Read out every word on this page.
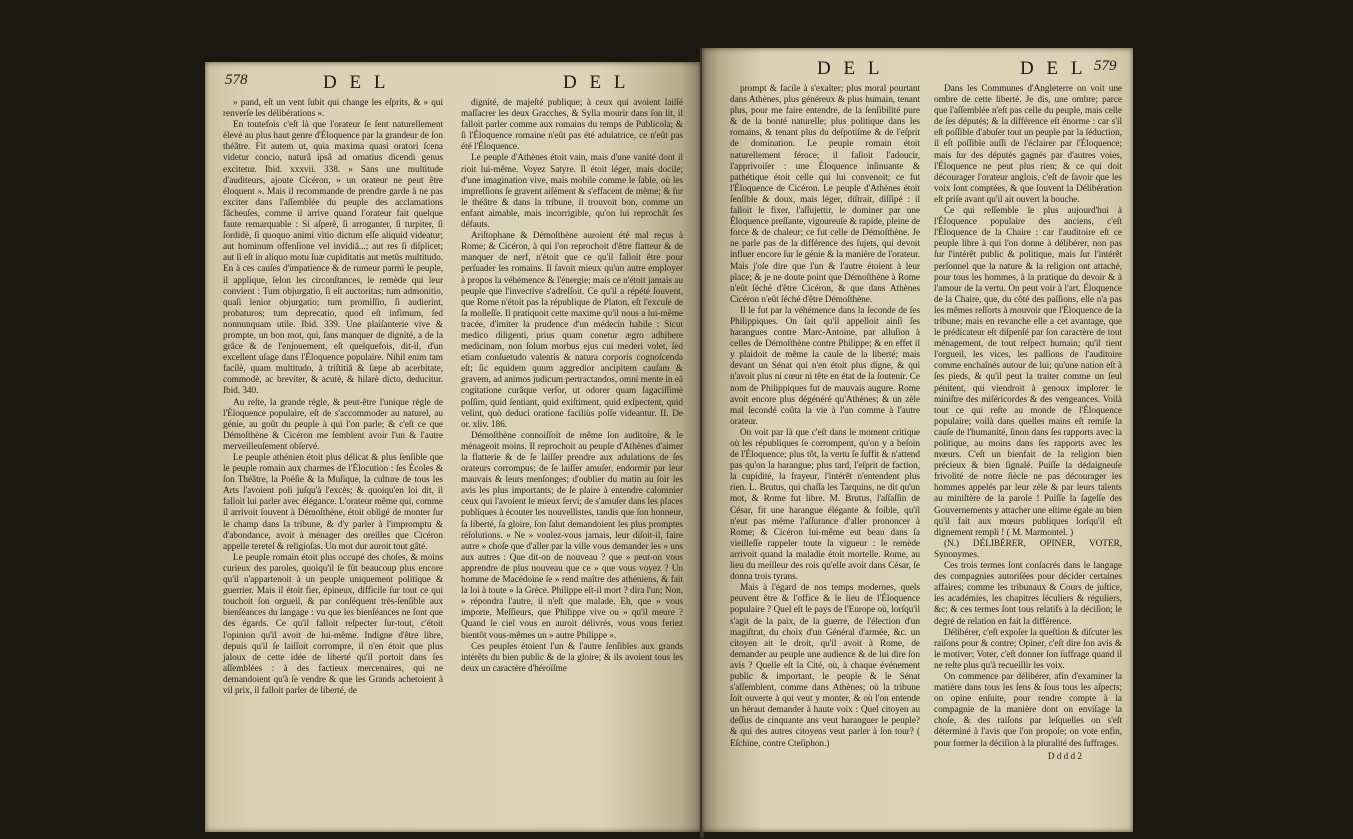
578	D E L	D E L

» pand, eſt un vent ſubit qui change les eſprits, & » qui renverſe les délibérations ».

En toutefois c'eſt là que l'orateur ſe ſent naturellement élevé au plus haut genre d'Éloquence par la grandeur de ſon théâtre. Fit autem ut, quia maxima quasi oratori ſcena videtur concio, naturâ ipsâ ad ornatius dicendi genus excitetur. Ibid. xxxvii. 338. » Sans une multitude d'auditeurs, ajoute Cicéron, » un orateur ne peut être éloquent ». Mais il recommande de prendre garde à ne pas exciter dans l'aſſemblée du peuple des acclamations fâcheuſes, comme il arrive quand l'orateur fait quelque faute remarquable : Si aſperè, ſi arroganter, ſi turpiter, ſi ſordidè, ſi quoquo animi vitio dictum eſſe aliquid videatur; aut hominum offenſione vel invidiâ...; aut res ſi diſplicet; aut ſi eſt in aliquo motu ſuæ cupiditatis aut metûs multitudo. En à ces cauſes d'impatience & de rumeur parmi le peuple, il applique, ſelon les circonſtances, le remède qui leur convient : Tum objurgatio, ſi eſt auctoritas; tum admonitio, quaſi lenior objurgatio; tum promiſſio, ſi audierint, probaturos; tum deprecatio, quod eſt infimum, ſed nonnunquam utile. Ibid. 339. Une plaiſanterie vive & prompte, un bon mot, qui, ſans manquer de dignité, a de la grâce & de l'enjouement, eſt quelquefois, dit-il, d'un excellent uſage dans l'Éloquence populaire. Nihil enim tam facilè, quam multitudo, à triſtitiâ & ſæpe ab acerbitate, commodè, ac breviter, & acutè, & hilarè dicto, deducitur. Ibid. 340.

Au reſte, la grande règle, & peut-être l'unique règle de l'Éloquence populaire, eſt de s'accommoder au naturel, au génie, au goût du peuple à qui l'on parle; & c'eſt ce que Démoſthène & Cicéron me ſemblent avoir l'un & l'autre merveilleuſement obſervé.

Le peuple athénien étoit plus délicat & plus ſenſible que le peuple romain aux charmes de l'Élocution : ſes Écoles & ſon Théâtre, la Poëſie & la Muſique, la culture de tous les Arts l'avoient poli juſqu'à l'excès; & quoiqu'en loi dit, il falloit lui parler avec élégance. L'orateur même qui, comme il arrivoit ſouvent à Démoſthène, étoit obligé de monter ſur le champ dans la tribune, & d'y parler à l'impromptu & d'abondance, avoit à ménager des oreilles que Cicéron appelle tereteſ & religioſas. Un mot dur auroit tout gâté.

Le peuple romain étoit plus occupé des choſes, & moins curieux des paroles, quoiqu'il ſe fût beaucoup plus encore qu'il n'appartenoit à un peuple uniquement politique & guerrier. Mais il étoit fier, épineux, difficile ſur tout ce qui touchoit ſon orgueil, & par conſéquent très-ſenſible aux bienſéances du langage : vu que les bienſéances ne ſont que des égards. Ce qu'il falloit reſpecter ſur-tout, c'étoit l'opinion qu'il avoit de lui-même. Indigne d'être libre, depuis qu'il ſe laiſſoit corrompre, il n'en étoit que plus jaloux de cette idée de liberté qu'il portoit dans ſes aſſemblées : à des factieux mercenaires, qui ne demandoient qu'à ſe vendre & que les Grands achetoient à vil prix, il falloit parler de liberté, de

dignité, de majeſté publique; à ceux qui avoient laiſſé maſſacrer les deux Gracches, & Sylla mourir dans ſon lit, il falloit parler comme aux romains du temps de Publicola; & ſi l'Éloquence romaine n'eût pas été adulatrice, ce n'eût pas été l'Éloquence.

Le peuple d'Athènes étoit vain, mais d'une vanité dont il rioit lui-même. Voyez Satyre. Il étoit léger, mais docile; d'une imagination vive, mais mobile comme le ſable, où les impreſſions ſe gravent aiſément & s'effacent de même; & ſur le théâtre & dans la tribune, il trouvoit bon, comme un enfant aimable, mais incorrigible, qu'on lui reprochât ſes défauts.

Ariſtophane & Démoſthène auroient été mal reçus à Rome; & Cicéron, à qui l'on reprochoit d'être flatteur & de manquer de nerf, n'étoit que ce qu'il falloit être pour perſuader les romains. Il ſavoit mieux qu'un autre employer à propos la véhémence & l'énergie; mais ce n'étoit jamais au peuple que l'invective s'adreſſoit. Ce qu'il a répété ſouvent, que Rome n'étoit pas la république de Platon, eſt l'excuſe de ſa molleſſe. Il pratiquoit cette maxime qu'il nous a lui-même tracée, d'imiter la prudence d'un médecin habile : Sicut medico diligenti, prius quam conetur ægro adhibere medicinam, non ſolum morbus ejus cui mederi volet, ſed etiam conſuetudo valentis & natura corporis cognoſcenda eſt; ſic equidem quum aggredior ancipitem cauſam & gravem, ad animos judicum pertractandos, omni mente in eâ cogitatione curâque verſor, ut odorer quam ſagaciſſimè poſſim, quid ſentiant, quid exiſtiment, quid exſpectent, quid velint, quò deduci oratione faciliùs poſſe videantur. II. De or. xliv. 186.

Démoſthène connoiſſoit de même ſon auditoire, & le ménageoit moins. Il reprochoit au peuple d'Athènes d'aimer la flatterie & de ſe laiſſer prendre aux adulations de ſes orateurs corrompus; de ſe laiſſer amuſer, endormir par leur mauvais & leurs menſonges; d'oublier du matin au ſoir les avis les plus importants; de ſe plaire à entendre calomnier ceux qui l'avoient le mieux ſervi; de s'amuſer dans les places publiques à écouter les nouvellistes, tandis que ſon honneur, ſa liberté, ſa gloire, ſon ſalut demandoient les plus promptes réſolutions. « Ne » voulez-vous jamais, leur diſoit-il, faire autre » choſe que d'aller par la ville vous demander les » uns aux autres : Que dit-on de nouveau ? que » peut-on vous apprendre de plus nouveau que ce » que vous voyez ? Un homme de Macédoine ſe » rend maître des athéniens, & fait la loi à toute » la Grèce. Philippe eſt-il mort ? dira l'un; Non, » répondra l'autre, il n'eſt que malade. Eh, que » vous importe, Meſſieurs, que Philippe vive ou » qu'il meure ? Quand le ciel vous en auroit délivrés, vous vous feriez bientôt vous-mêmes un » autre Philippe ».

Ces peuples étoient l'un & l'autre ſenſibles aux grands intérêts du bien public & de la gloire; & ils avoient tous les deux un caractère d'héroïſme

D E L	D E L 579

prompt & facile à s'exalter; plus moral pourtant dans Athènes, plus généreux & plus humain, tenant plus, pour me faire entendre, de la ſenſibilité pure & de la bonté naturelle; plus politique dans les romains, & tenant plus du deſpotiſme & de l'eſprit de domination. Le peuple romain étoit naturellement féroce; il falloit l'adoucir, l'apprivoiſer : une Éloquence inſinuante & pathétique étoit celle qui lui convenoit; ce fut l'Éloquence de Cicéron. Le peuple d'Athènes étoit ſenſible & doux, mais léger, diſtrait, diſſipé : il falloit le fixer, l'aſſujettir, le dominer par une Éloquence preſſante, vigoureuſe & rapide, pleine de force & de chaleur; ce fut celle de Démoſthène. Je ne parle pas de la différence des ſujets, qui devoit influer encore ſur le génie & la manière de l'orateur. Mais j'oſe dire que l'un & l'autre étoient à leur place; & je ne doute point que Démoſthène à Rome n'eût ſéché d'être Cicéron, & que dans Athènes Cicéron n'eût ſéché d'être Démoſthène.

Il le fut par la véhémence dans la ſeconde de ſes Philippiques. On ſait qu'il appelloit ainſi ſes harangues contre Marc-Antoine, par alluſion à celles de Démoſthène contre Philippe; & en effet il y plaidoit de même la cauſe de la liberté; mais devant un Sénat qui n'en étoit plus digne, & qui n'avoit plus ni cœur ni tête en état de la ſoutenir. Ce nom de Philippiques fut de mauvais augure. Rome avoit encore plus dégénéré qu'Athènes; & un zèle mal ſecondé coûta la vie à l'un comme à l'autre orateur.

On voit par là que c'eſt dans le moment critique où les républiques ſe corrompent, qu'on y a beſoin de l'Éloquence; plus tôt, la vertu ſe ſuffit & n'attend pas qu'on la harangue; plus tard, l'eſprit de faction, la cupidité, la frayeur, l'intérêt n'entendent plus rien. L. Brutus, qui chaſſa les Tarquins, ne dit qu'un mot, & Rome fut libre. M. Brutus, l'aſſaſſin de César, fit une harangue élégante & foible, qu'il n'eut pas même l'aſſurance d'aller prononcer à Rome; & Cicéron lui-même eut beau dans ſa vieilleſſe rappeler toute ſa vigueur : le remède arrivoit quand la maladie étoit mortelle. Rome, au lieu du meilleur des rois qu'elle avoit dans César, ſe donna trois tyrans.

Mais à l'égard de nos temps modernes, quels peuvent être & l'office & le lieu de l'Éloquence populaire ? Quel eſt le pays de l'Europe où, lorſqu'il s'agit de la paix, de la guerre, de l'élection d'un magiſtrat, du choix d'un Général d'armée, &c. un citoyen ait le droit, qu'il avoit à Rome, de demander au peuple une audience & de lui dire ſon avis ? Quelle eſt la Cité, où, à chaque événement public & important, le peuple & le Sénat s'aſſemblent, comme dans Athènes; où la tribune ſoit ouverte à qui veut y monter, & où l'on entende un héraut demander à haute voix : Quel citoyen au deſſus de cinquante ans veut haranguer le peuple? & qui des autres citoyens veut parler à ſon tour? ( Eſchine, contre Cteſiphon.)

Dans les Communes d'Angleterre on voit une ombre de cette liberté. Je dis, une ombre; parce que l'aſſemblée n'eſt pas celle du peuple, mais celle de ſes députés; & la différence eſt énorme : car s'il eſt poſſible d'abuſer tout un peuple par la ſéduction, il eſt poſſible auſſi de l'éclairer par l'Éloquence; mais ſur des députés gagnés par d'autres voies, l'Éloquence ne peut plus rien; & ce qui doit décourager l'orateur anglois, c'eſt de ſavoir que les voix ſont comptées, & que ſouvent la Délibération eſt priſe avant qu'il ait ouvert la bouche.

Ce qui reſſemble le plus aujourd'hui à l'Éloquence populaire des anciens, c'eſt l'Éloquence de la Chaire : car l'auditoire eſt ce peuple libre à qui l'on donne à délibérer, non pas ſur l'intérêt public & politique, mais ſur l'intérêt perſonnel que la nature & la religion ont attaché, pour tous les hommes, à la pratique du devoir & à l'amour de la vertu. On peut voir à l'art. Éloquence de la Chaire, que, du côté des paſſions, elle n'a pas les mêmes reſſorts à mouvoir que l'Éloquence de la tribune; mais en revanche elle a cet avantage, que le prédicateur eſt diſpenſé par ſon caractère de tout ménagement, de tout reſpect humain; qu'il tient l'orgueil, les vices, les paſſions de l'auditoire comme enchaînés autour de lui; qu'une nation eſt à ſes pieds, & qu'il peut la traiter comme un ſeul pénitent, qui viendroit à genoux implorer le miniſtre des miſéricordes & des vengeances. Voilà tout ce qui reſte au monde de l'Éloquence populaire; voilà dans quelles mains eſt remiſe la cauſe de l'humanité, ſinon dans ſes rapports avec la politique, au moins dans ſes rapports avec les mœurs. C'eſt un bienfait de la religion bien précieux & bien ſignalé. Puiſſe la dédaigneuſe frivolité de notre ſiècle ne pas décourager les hommes appelés par leur zèle & par leurs talents au miniſtère de la parole ! Puiſſe la ſageſſe des Gouvernements y attacher une eſtime égale au bien qu'il fait aux mœurs publiques lorſqu'il eſt dignement rempli ! ( M. Marmontel. )

(N.) DÉLIBÉRER, OPINER, VOTER, Synonymes.

Ces trois termes ſont conſacrés dans le langage des compagnies autoriſées pour décider certaines affaires; comme les tribunaux & Cours de juſtice, les académies, les chapitres ſéculiers & réguliers, &c; & ces termes ſont tous relatifs à la déciſion; le degré de relation en fait la différence.

Délibérer, c'eſt expoſer la queſtion & diſcuter les raiſons pour & contre; Opiner, c'eſt dire ſon avis & le motiver; Voter, c'eſt donner ſon ſuffrage quand il ne reſte plus qu'à recueillir les voix.

On commence par délibérer, afin d'examiner la matière dans tous les ſens & ſous tous les aſpects; on opine enſuite, pour rendre compte à la compagnie de la manière dont on enviſage la choſe, & des raiſons par leſquelles on s'eſt déterminé à l'avis que l'on propoſe; on vote enfin, pour former la déciſion à la pluralité des ſuffrages.

D d d d 2
